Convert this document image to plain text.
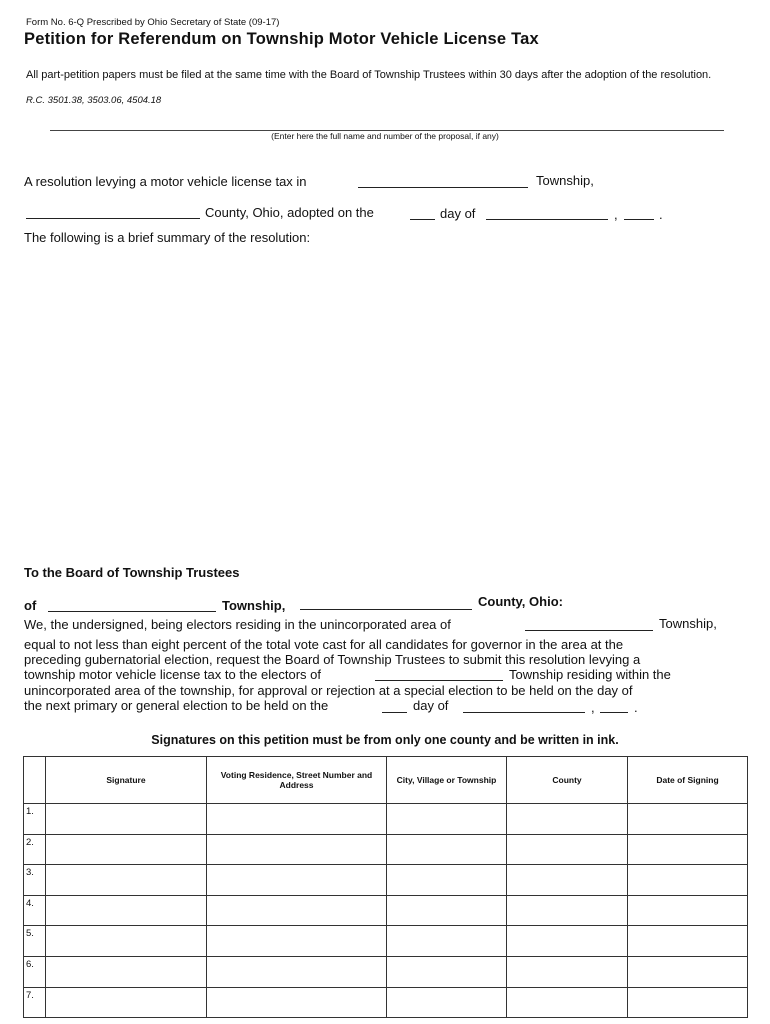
Form No. 6-Q Prescribed by Ohio Secretary of State (09-17)
Petition for Referendum on Township Motor Vehicle License Tax
All part-petition papers must be filed at the same time with the Board of Township Trustees within 30 days after the adoption of the resolution.
R.C. 3501.38, 3503.06, 4504.18
(Enter here the full name and number of the proposal, if any)
A resolution levying a motor vehicle license tax in	Township,
County, Ohio, adopted on the	day of	,	.
The following is a brief summary of the resolution:
To the Board of Township Trustees
of	Township,	County, Ohio:
We, the undersigned, being electors residing in the unincorporated area of	Township,
equal to not less than eight percent of the total vote cast for all candidates for governor in the area at the
preceding gubernatorial election, request the Board of Township Trustees to submit this resolution levying a
township motor vehicle license tax to the electors of	Township residing within the
unincorporated area of the township, for approval or rejection at a special election to be held on the day of
the next primary or general election to be held on the	day of	,	.
Signatures on this petition must be from only one county and be written in ink.
	Signature	Voting Residence, Street Number and Address	City, Village or Township	County	Date of Signing
1.					
2.					
3.					
4.					
5.					
6.					
7.					
